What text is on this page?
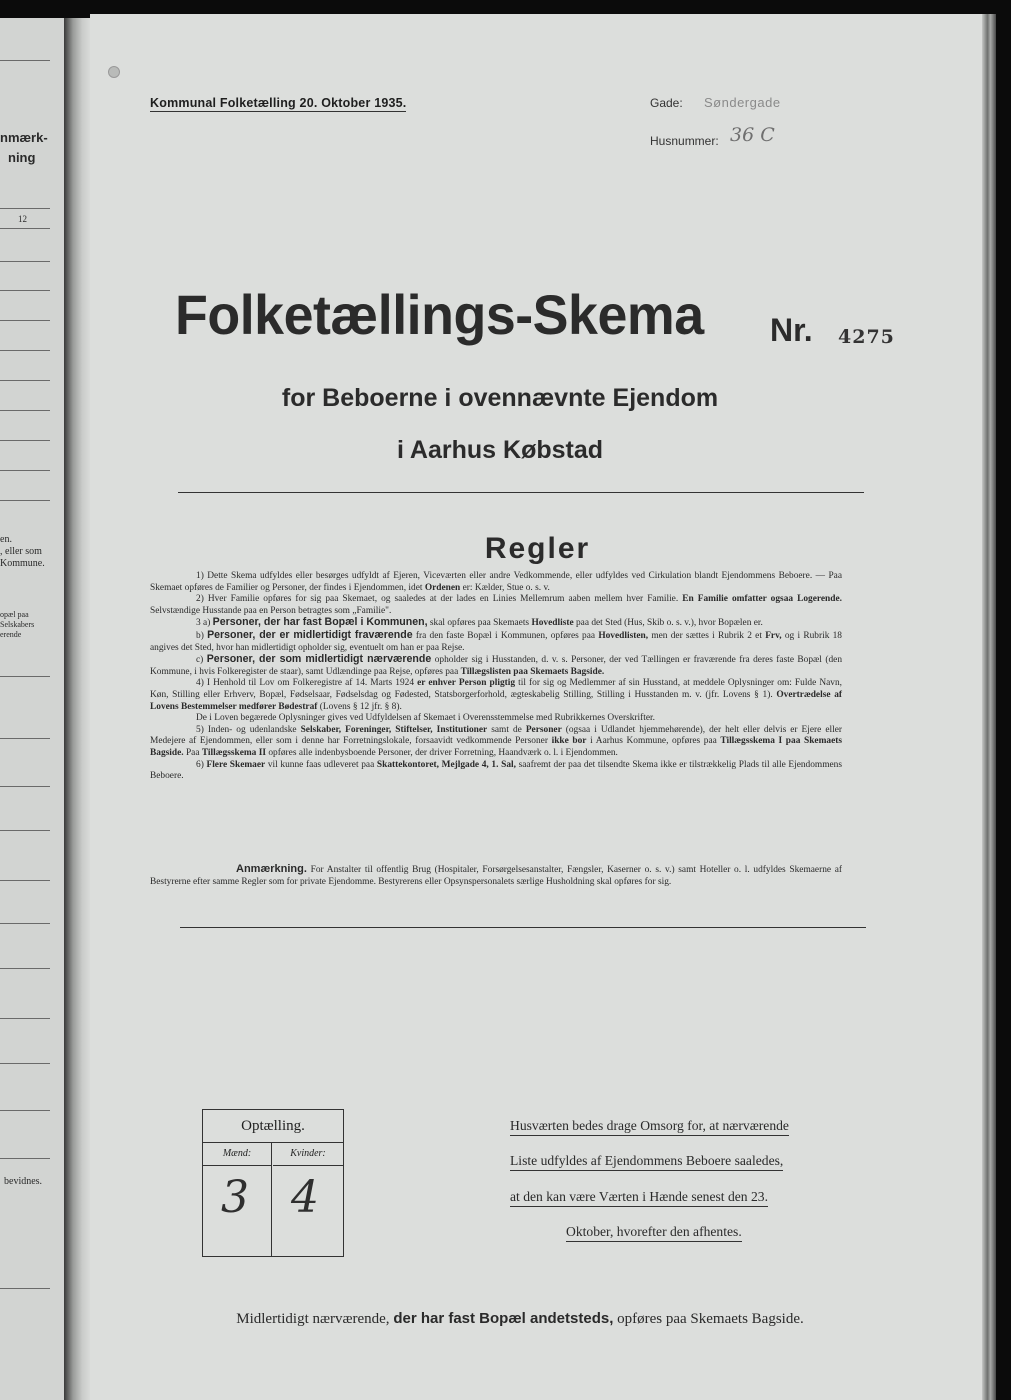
nmærk-
ning
12
en.
, eller som
Kommune.
opæl paa
Selskabers
erende
bevidnes.
Kommunal Folketælling 20. Oktober 1935.	Gade: Søndergade
Husnummer: 36 C
Folketællings-Skema Nr. 4275
for Beboerne i ovennævnte Ejendom
i Aarhus Købstad
Regler

1) Dette Skema udfyldes eller besørges udfyldt af Ejeren, Viceværten eller andre Vedkommende, eller udfyldes ved Cirkulation blandt Ejendommens Beboere. — Paa Skemaet opføres de Familier og Personer, der findes i Ejendommen, idet Ordenen er: Kælder, Stue o. s. v.

2) Hver Familie opføres for sig paa Skemaet, og saaledes at der lades en Linies Mellemrum aaben mellem hver Familie. En Familie omfatter ogsaa Logerende. Selvstændige Husstande paa en Person betragtes som „Familie".

3 a) Personer, der har fast Bopæl i Kommunen, skal opføres paa Skemaets Hovedliste paa det Sted (Hus, Skib o. s. v.), hvor Bopælen er.

b) Personer, der er midlertidigt fraværende fra den faste Bopæl i Kommunen, opføres paa Hovedlisten, men der sættes i Rubrik 2 et Frv, og i Rubrik 18 angives det Sted, hvor han midlertidigt opholder sig, eventuelt om han er paa Rejse.

c) Personer, der som midlertidigt nærværende opholder sig i Husstanden, d. v. s. Personer, der ved Tællingen er fraværende fra deres faste Bopæl (den Kommune, i hvis Folkeregister de staar), samt Udlændinge paa Rejse, opføres paa Tillægslisten paa Skemaets Bagside.

4) I Henhold til Lov om Folkeregistre af 14. Marts 1924 er enhver Person pligtig til for sig og Medlemmer af sin Husstand, at meddele Oplysninger om: Fulde Navn, Køn, Stilling eller Erhverv, Bopæl, Fødselsaar, Fødselsdag og Fødested, Statsborgerforhold, ægteskabelig Stilling, Stilling i Husstanden m. v. (jfr. Lovens § 1). Overtrædelse af Lovens Bestemmelser medfører Bødestraf (Lovens § 12 jfr. § 8).

De i Loven begærede Oplysninger gives ved Udfyldelsen af Skemaet i Overensstemmelse med Rubrikkernes Overskrifter.

5) Inden- og udenlandske Selskaber, Foreninger, Stiftelser, Institutioner samt de Personer (ogsaa i Udlandet hjemmehørende), der helt eller delvis er Ejere eller Medejere af Ejendommen, eller som i denne har Forretningslokale, forsaavidt vedkommende Personer ikke bor i Aarhus Kommune, opføres paa Tillægsskema I paa Skemaets Bagside. Paa Tillægsskema II opføres alle indenbysboende Personer, der driver Forretning, Haandværk o. l. i Ejendommen.

6) Flere Skemaer vil kunne faas udleveret paa Skattekontoret, Mejlgade 4, 1. Sal, saafremt der paa det tilsendte Skema ikke er tilstrækkelig Plads til alle Ejendommens Beboere.

Anmærkning. For Anstalter til offentlig Brug (Hospitaler, Forsørgelsesanstalter, Fængsler, Kaserner o. s. v.) samt Hoteller o. l. udfyldes Skemaerne af Bestyrerne efter samme Regler som for private Ejendomme. Bestyrerens eller Opsynspersonalets særlige Husholdning skal opføres for sig.
Optælling.
Mænd:	Kvinder:
3 4
Husværten bedes drage Omsorg for, at nærværende
Liste udfyldes af Ejendommens Beboere saaledes,
at den kan være Værten i Hænde senest den 23.
Oktober, hvorefter den afhentes.
Midlertidigt nærværende, der har fast Bopæl andetsteds, opføres paa Skemaets Bagside.
